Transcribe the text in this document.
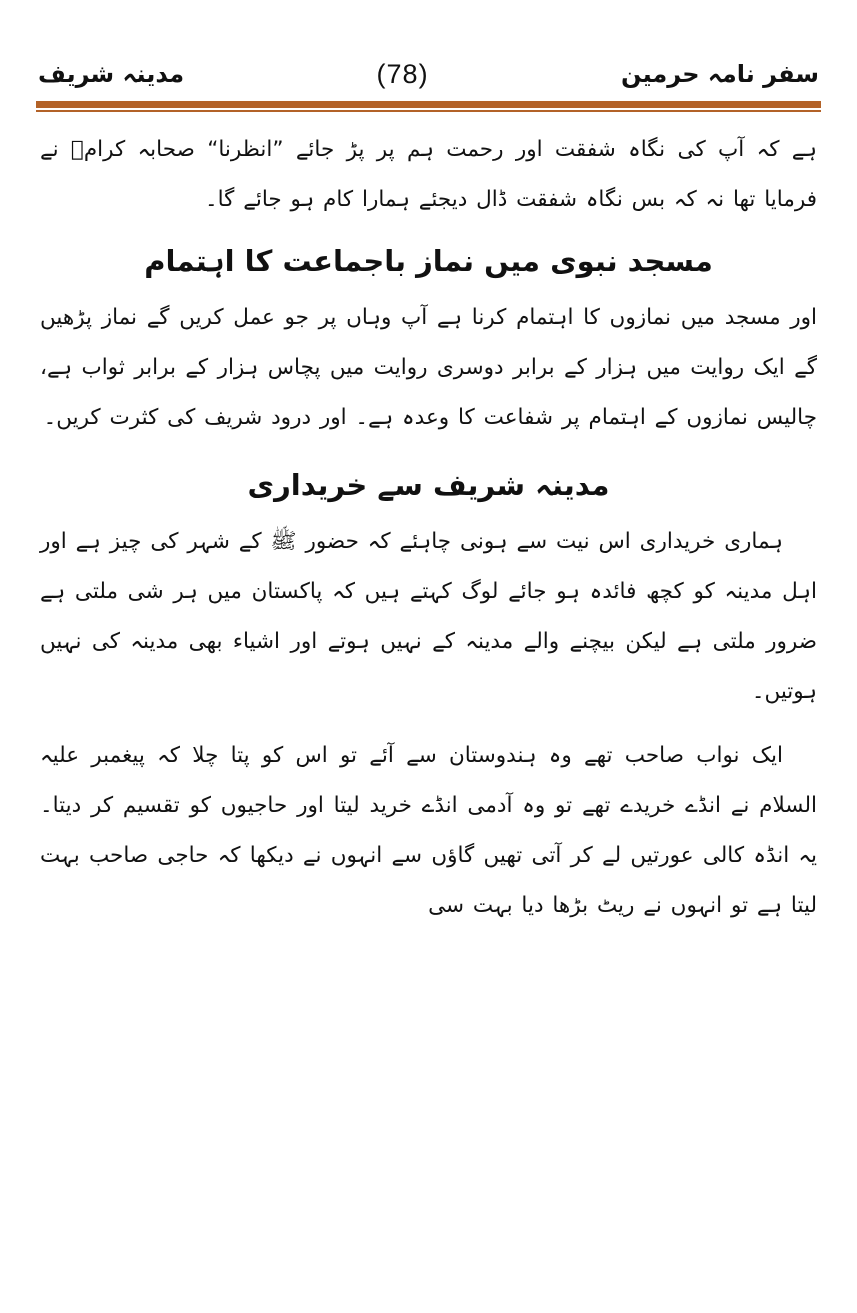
مدینہ شریف	(78)	سفر نامہ حرمین

ہے کہ آپ کی نگاہ شفقت اور رحمت ہم پر پڑ جائے ”انظرنا“ صحابہ کرامؓ نے فرمایا تھا نہ کہ بس نگاہ شفقت ڈال دیجئے ہمارا کام ہو جائے گا۔

مسجد نبوی میں نماز باجماعت کا اہتمام

اور مسجد میں نمازوں کا اہتمام کرنا ہے آپ وہاں پر جو عمل کریں گے نماز پڑھیں گے ایک روایت میں ہزار کے برابر دوسری روایت میں پچاس ہزار کے برابر ثواب ہے، چالیس نمازوں کے اہتمام پر شفاعت کا وعدہ ہے۔ اور درود شریف کی کثرت کریں۔

مدینہ شریف سے خریداری

ہماری خریداری اس نیت سے ہونی چاہئے کہ حضور ﷺ کے شہر کی چیز ہے اور اہل مدینہ کو کچھ فائدہ ہو جائے لوگ کہتے ہیں کہ پاکستان میں ہر شی ملتی ہے ضرور ملتی ہے لیکن بیچنے والے مدینہ کے نہیں ہوتے اور اشیاء بھی مدینہ کی نہیں ہوتیں۔

ایک نواب صاحب تھے وہ ہندوستان سے آئے تو اس کو پتا چلا کہ پیغمبر علیہ السلام نے انڈے خریدے تھے تو وہ آدمی انڈے خرید لیتا اور حاجیوں کو تقسیم کر دیتا۔ یہ انڈہ کالی عورتیں لے کر آتی تھیں گاؤں سے انہوں نے دیکھا کہ حاجی صاحب بہت لیتا ہے تو انہوں نے ریٹ بڑھا دیا بہت سی
